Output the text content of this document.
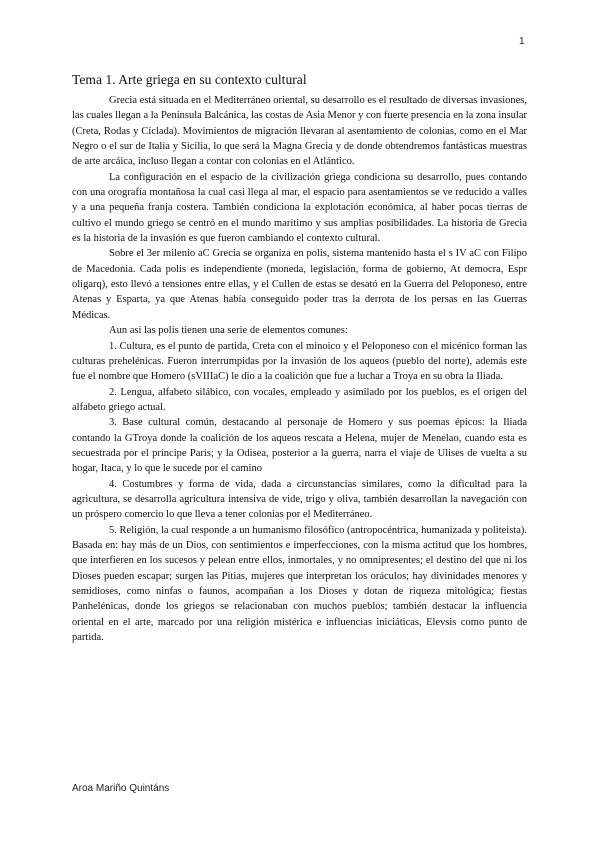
1
Tema 1. Arte griega en su contexto cultural

Grecia está situada en el Mediterráneo oriental, su desarrollo es el resultado de diversas invasiones, las cuales llegan a la Península Balcánica, las costas de Asia Menor y con fuerte presencia en la zona insular (Creta, Rodas y Cíclada). Movimientos de migración llevaran al asentamiento de colonias, como en el Mar Negro o el sur de Italia y Sicilia, lo que será la Magna Grecia y de donde obtendremos fantásticas muestras de arte arcáica, incluso llegan a contar con colonias en el Atlántico.

La configuración en el espacio de la civilización griega condiciona su desarrollo, pues contando con una orografía montañosa la cual casi llega al mar, el espacio para asentamientos se ve reducido a valles y a una pequeña franja costera. También condiciona la explotación económica, al haber pocas tierras de cultivo el mundo griego se centró en el mundo marítimo y sus amplias posibilidades. La historia de Grecia es la historia de la invasión es que fueron cambiando el contexto cultural.

Sobre el 3er milenio aC Grecia se organiza en polis, sistema mantenido hasta el s IV aC con Filipo de Macedonia. Cada polis es independiente (moneda, legislación, forma de gobierno, At democra, Espr oligarq), esto llevó a tensiones entre ellas, y el Cullen de estas se desató en la Guerra del Peloponeso, entre Atenas y Esparta, ya que Atenas había conseguido poder tras la derrota de los persas en las Guerras Médicas.

Aun así las polis tienen una serie de elementos comunes:

1. Cultura, es el punto de partida, Creta con el minoico y el Peloponeso con el micénico forman las culturas prehelénicas. Fueron interrumpidas por la invasión de los aqueos (pueblo del norte), además este fue el nombre que Homero (sVIIIaC) le dio a la coalición que fue a luchar a Troya en su obra la Iliada.

2. Lengua, alfabeto silábico, con vocales, empleado y asimilado por los pueblos, es el origen del alfabeto griego actual.

3. Base cultural común, destacando al personaje de Homero y sus poemas épicos: la Iliada contando la GTroya donde la coalición de los aqueos rescata a Helena, mujer de Menelao, cuando esta es secuestrada por el príncipe Paris; y la Odisea, posterior a la guerra, narra el viaje de Ulises de vuelta a su hogar, Itaca, y lo que le sucede por el camino

4. Costumbres y forma de vida, dada a circunstancias similares, como la dificultad para la agricultura, se desarrolla agricultura intensiva de vide, trigo y oliva, también desarrollan la navegación con un próspero comercio lo que lleva a tener colonias por el Mediterráneo.

5. Religión, la cual responde a un humanismo filosófico (antropocéntrica, humanizada y politeista). Basada en: hay más de un Dios, con sentimientos e imperfecciones, con la misma actitud que los hombres, que interfieren en los sucesos y pelean entre ellos, inmortales, y no omnipresentes; el destino del que ni los Dioses pueden escapar; surgen las Pitias, mujeres que interpretan los oráculos; hay divinidades menores y semidioses, como ninfas o faunos, acompañan a los Dioses y dotan de riqueza mitológica; fiestas Panhelénicas, donde los griegos se relacionaban con muchos pueblos; también destacar la influencia oriental en el arte, marcado por una religión mistérica e influencias iniciáticas, Elevsis como punto de partida.

Aroa Mariño Quintáns
